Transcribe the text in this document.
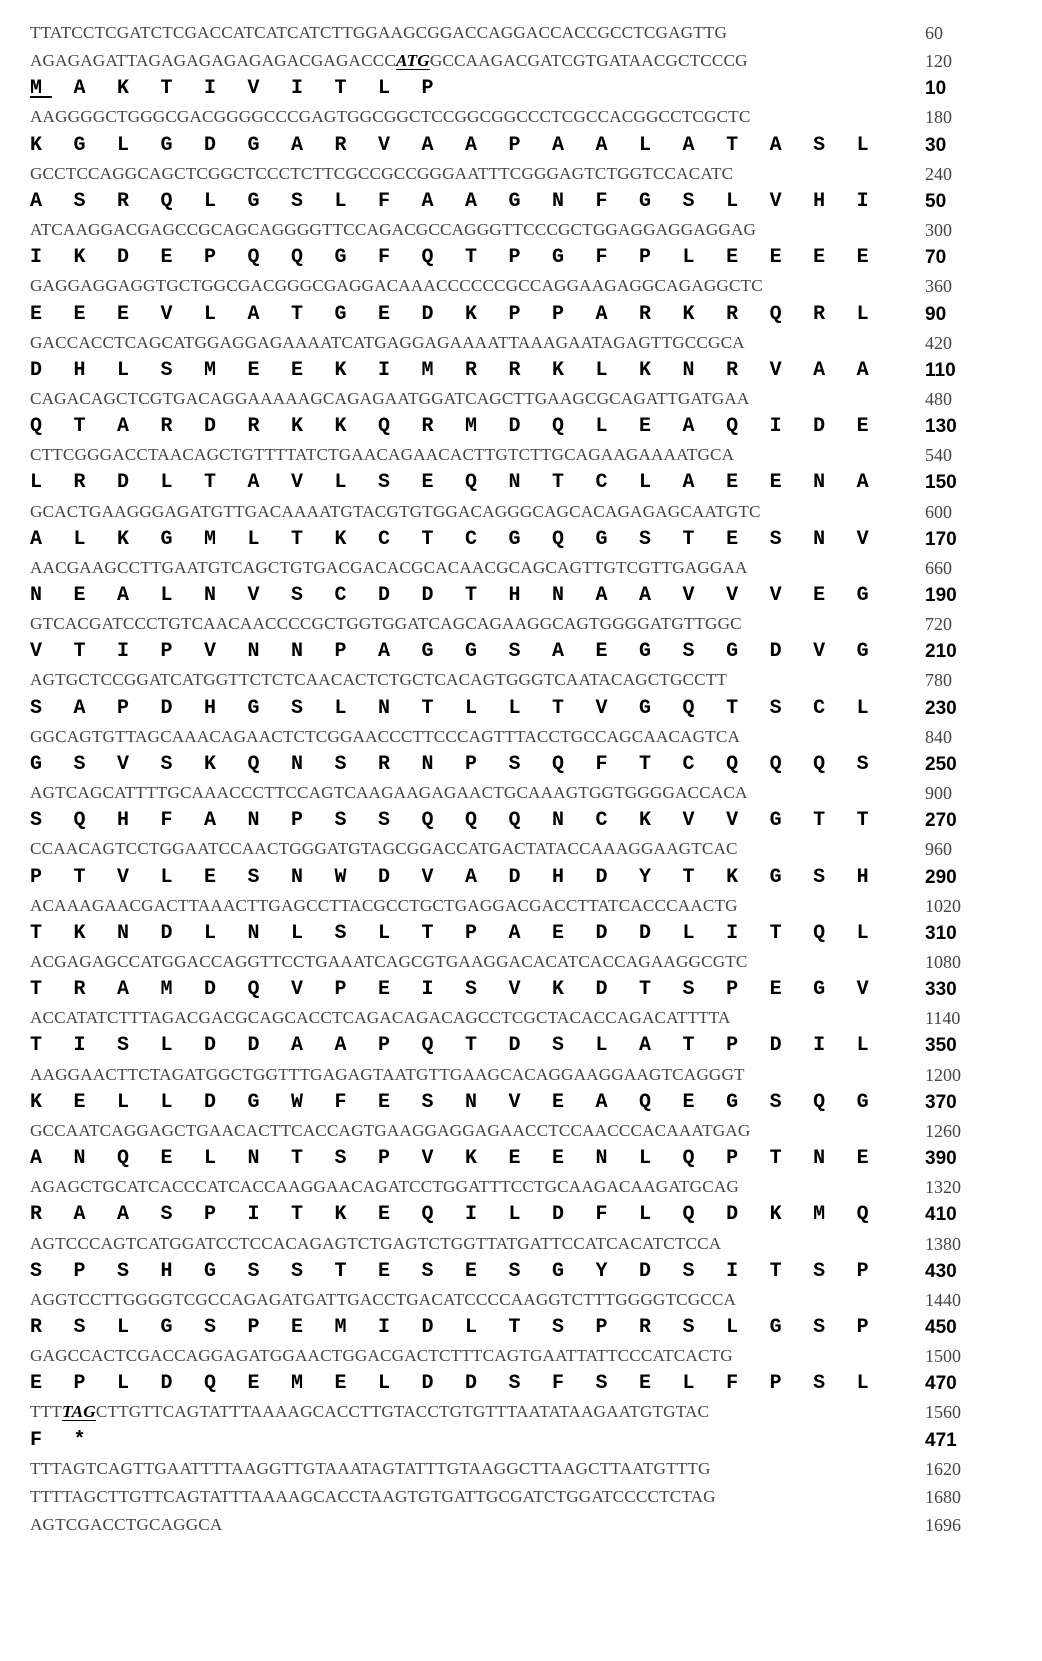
TTATCCTCGATCTCGACCATCATCATCTTGGAAGCGGACCAGGACCACCGCCTCGAGTTG	60
AGAGAGATTAGAGAGAGAGAGACGAGACCCATGGCCAAGACGATCGTGATAACGCTCCCG	120
M A K T I V I T L P	10
AAGGGGCTGGGCGACGGGGCCCGAGTGGCGGCTCCGGCGGCCCTCGCCACGGCCTCGCTC	180
K G L G D G A R V A A P A A L A T A S L 30
GCCTCCAGGCAGCTCGGCTCCCTCTTCGCCGCCGGGAATTTCGGGAGTCTGGTCCACATC	240
A S R Q L G S L F A A G N F G S L V H I 50
ATCAAGGACGAGCCGCAGCAGGGGTTCCAGACGCCAGGGTTCCCGCTGGAGGAGGAGGAG	300
I K D E P Q Q G F Q T P G F P L E E E E 70
GAGGAGGAGGTGCTGGCGACGGGCGAGGACAAACCCCCCGCCAGGAAGAGGCAGAGGCTC	360
E E E V L A T G E D K P P A R K R Q R L 90
GACCACCTCAGCATGGAGGAGAAAATCATGAGGAGAAAATTAAAGAATAGAGTTGCCGCA	420
D H L S M E E K I M R R K L K N R V A A 110
CAGACAGCTCGTGACAGGAAAAAGCAGAGAATGGATCAGCTTGAAGCGCAGATTGATGAA	480
Q T A R D R K K Q R M D Q L E A Q I D E 130
CTTCGGGACCTAACAGCTGTTTTATCTGAACAGAACACTTGTCTTGCAGAAGAAAATGCA	540
L R D L T A V L S E Q N T C L A E E N A 150
GCACTGAAGGGAGATGTTGACAAAATGTACGTGTGGACAGGGCAGCACAGAGAGCAATGTC	600
A L K G M L T K C T C G Q G S T E S N V 170
AACGAAGCCTTGAATGTCAGCTGTGACGACACGCACAACGCAGCAGTTGTCGTTGAGGAA	660
N E A L N V S C D D T H N A A V V V E G 190
GTCACGATCCCTGTCAACAACCCCGCTGGTGGATCAGCAGAAGGCAGTGGGGATGTTGGC	720
V T I P V N N P A G G S A E G S G D V G 210
AGTGCTCCGGATCATGGTTCTCTCAACACTCTGCTCACAGTGGGTCAATACAGCTGCCTT	780
S A P D H G S L N T L L T V G Q T S C L 230
GGCAGTGTTAGCAAACAGAACTCTCGGAACCCTTCCCAGTTTACCTGCCAGCAACAGTCA	840
G S V S K Q N S R N P S Q F T C Q Q Q S 250
AGTCAGCATTTTGCAAACCCTTCCAGTCAAGAAGAGAACTGCAAAGTGGTGGGGACCACA	900
S Q H F A N P S S Q Q Q N C K V V G T T 270
CCAACAGTCCTGGAATCCAACTGGGATGTAGCGGACCATGACTATACCAAAGGAAGTCAC	960
P T V L E S N W D V A D H D Y T K G S H 290
ACAAAGAACGACTTAAACTTGAGCCTTACGCCTGCTGAGGACGACCTTATCACCCAACTG	1020
T K N D L N L S L T P A E D D L I T Q L 310
ACGAGAGCCATGGACCAGGTTCCTGAAATCAGCGTGAAGGACACATCACCAGAAGGCGTC	1080
T R A M D Q V P E I S V K D T S P E G V 330
ACCATATCTTTAGACGACGCAGCACCTCAGACAGACAGCCTCGCTACACCAGACATTTTA	1140
T I S L D D A A P Q T D S L A T P D I L 350
AAGGAACTTCTAGATGGCTGGTTTGAGAGTAATGTTGAAGCACAGGAAGGAAGTCAGGGT	1200
K E L L D G W F E S N V E A Q E G S Q G 370
GCCAATCAGGAGCTGAACACTTCACCAGTGAAGGAGGAGAACCTCCAACCCACAAATGAG	1260
A N Q E L N T S P V K E E N L Q P T N E 390
AGAGCTGCATCACCCATCACCAAGGAACAGATCCTGGATTTCCTGCAAGACAAGATGCAG	1320
R A A S P I T K E Q I L D F L Q D K M Q 410
AGTCCCAGTCATGGATCCTCCACAGAGTCTGAGTCTGGTTATGATTCCATCACATCTCCA	1380
S P S H G S S T E S E S G Y D S I T S P 430
AGGTCCTTGGGGTCGCCAGAGATGATTGACCTGACATCCCCAAGGTCTTTGGGGTCGCCA	1440
R S L G S P E M I D L T S P R S L G S P 450
GAGCCACTCGACCAGGAGATGGAACTGGACGACTCTTTCAGTGAATTATTCCCATCACTG	1500
E P L D Q E M E L D D S F S E L F P S L 470
TTTTAGCTTGTTCAGTATTTAAAAGCACCTTGTACCTGTGTTTAATATAAGAATGTGTAC	1560
F *	471
TTTAGTCAGTTGAATTTTAAGGTTGTAAATAGTATTTGTAAGGCTTAAGCTTAATGTTTG	1620
TTTTAGCTTGTTCAGTATTTAAAAGCACCTAAGTGTGATTGCGATCTGGATCCCCTCTAG	1680
AGTCGACCTGCAGGCA	1696
